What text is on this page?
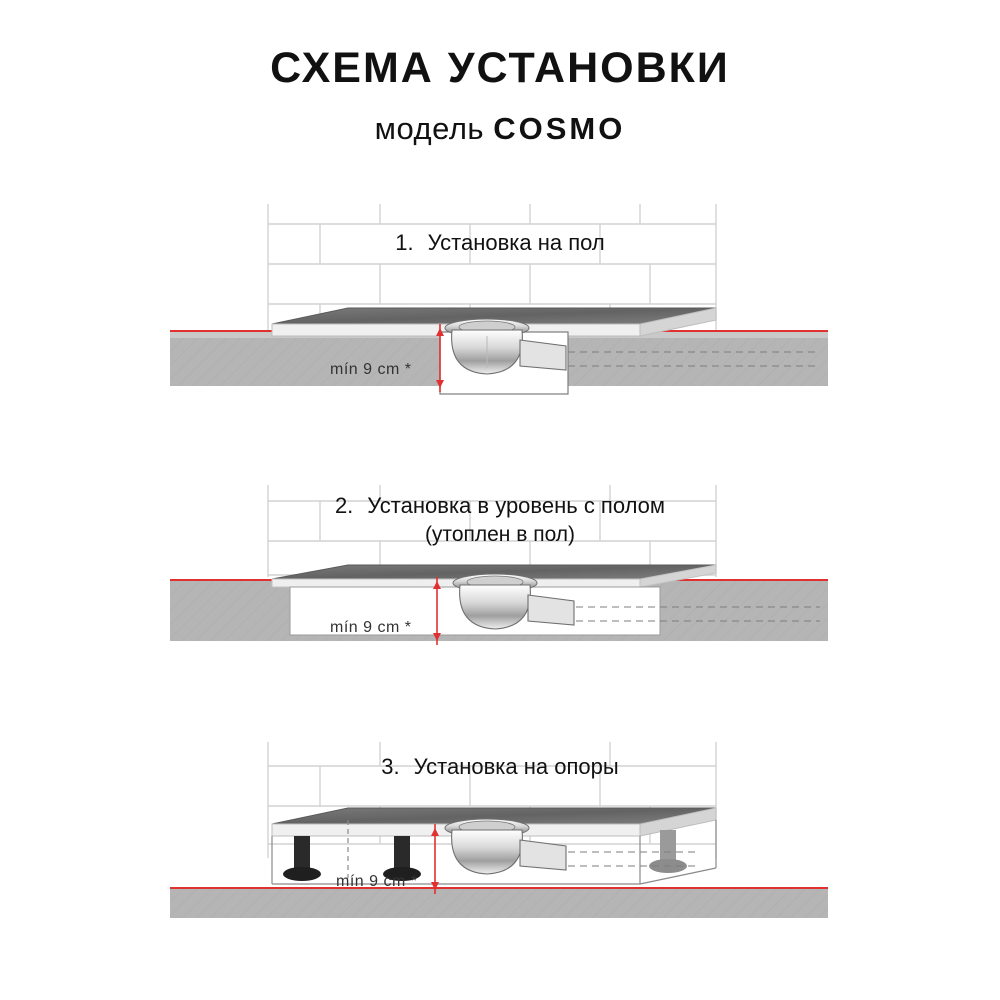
СХЕМА УСТАНОВКИ
модель COSMO
1. Установка на пол
mín 9 cm *
2. Установка в уровень с полом
(утоплен в пол)
mín 9 cm *
3. Установка на опоры
mín 9 cm *
